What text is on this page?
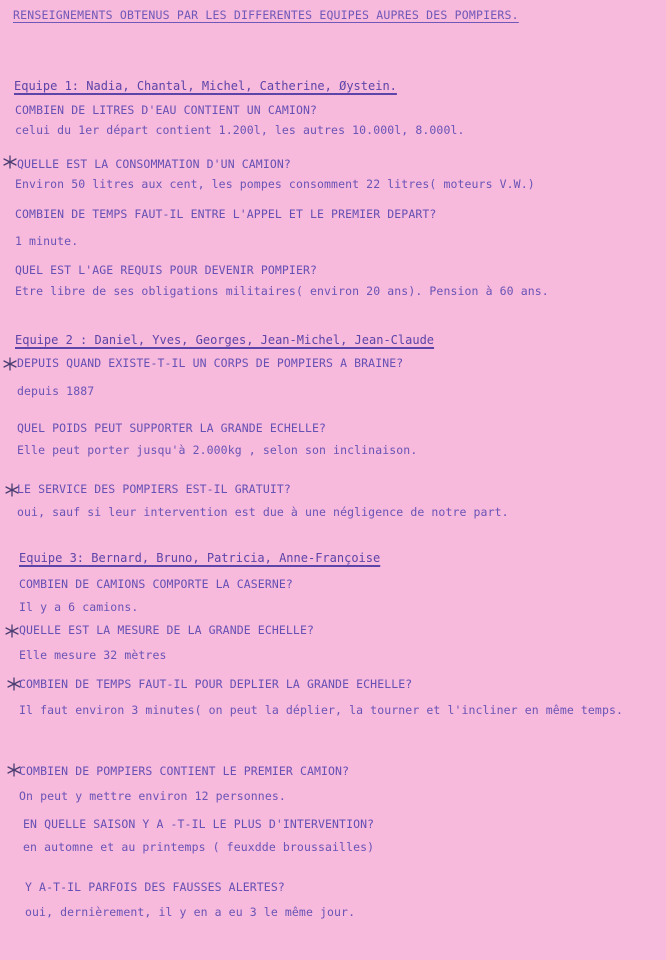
RENSEIGNEMENTS OBTENUS PAR LES DIFFERENTES EQUIPES AUPRES DES POMPIERS.
Equipe 1: Nadia, Chantal, Michel, Catherine, Øystein.
COMBIEN DE LITRES D'EAU CONTIENT UN CAMION?
celui du 1er départ contient 1.200l, les autres 10.000l, 8.000l.
QUELLE EST LA CONSOMMATION D'UN CAMION?
Environ 50 litres aux cent, les pompes consomment 22 litres( moteurs V.W.)
COMBIEN DE TEMPS FAUT-IL ENTRE L'APPEL ET LE PREMIER DEPART?
1 minute.
QUEL EST L'AGE REQUIS POUR DEVENIR POMPIER?
Etre libre de ses obligations militaires( environ 20 ans). Pension à 60 ans.
Equipe 2 : Daniel, Yves, Georges, Jean-Michel, Jean-Claude
DEPUIS QUAND EXISTE-T-IL UN CORPS DE POMPIERS A BRAINE?
depuis 1887
QUEL POIDS PEUT SUPPORTER LA GRANDE ECHELLE?
Elle peut porter jusqu'à 2.000kg , selon son inclinaison.
LE SERVICE DES POMPIERS EST-IL GRATUIT?
oui, sauf si leur intervention est due à une négligence de notre part.
Equipe 3: Bernard, Bruno, Patricia, Anne-Françoise
COMBIEN DE CAMIONS COMPORTE LA CASERNE?
Il y a 6 camions.
QUELLE EST LA MESURE DE LA GRANDE ECHELLE?
Elle mesure 32 mètres
COMBIEN DE TEMPS FAUT-IL POUR DEPLIER LA GRANDE ECHELLE?
Il faut environ 3 minutes( on peut la déplier, la tourner et l'incliner en même temps.
COMBIEN DE POMPIERS CONTIENT LE PREMIER CAMION?
On peut y mettre environ 12 personnes.
EN QUELLE SAISON Y A -T-IL LE PLUS D'INTERVENTION?
en automne et au printemps ( feuxdde broussailles)
Y A-T-IL PARFOIS DES FAUSSES ALERTES?
oui, dernièrement, il y en a eu 3 le même jour.
